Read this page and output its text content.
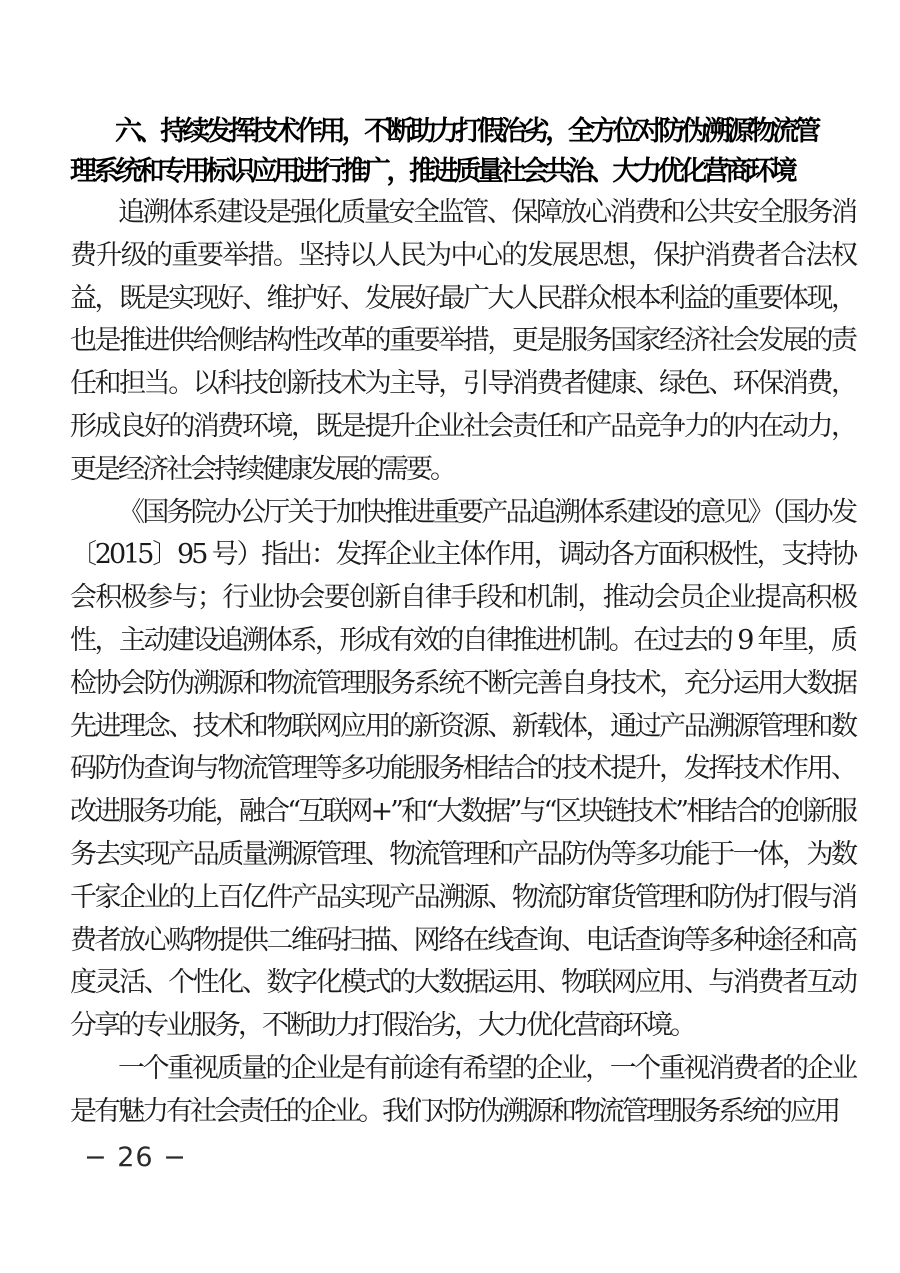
六、持续发挥技术作用，不断助力打假治劣，全方位对防伪溯源物流管理系统和专用标识应用进行推广，推进质量社会共治、大力优化营商环境

追溯体系建设是强化质量安全监管、保障放心消费和公共安全服务消费升级的重要举措。坚持以人民为中心的发展思想，保护消费者合法权益，既是实现好、维护好、发展好最广大人民群众根本利益的重要体现，也是推进供给侧结构性改革的重要举措，更是服务国家经济社会发展的责任和担当。以科技创新技术为主导，引导消费者健康、绿色、环保消费，形成良好的消费环境，既是提升企业社会责任和产品竞争力的内在动力，更是经济社会持续健康发展的需要。

《国务院办公厅关于加快推进重要产品追溯体系建设的意见》（国办发〔2015〕95 号）指出：发挥企业主体作用，调动各方面积极性，支持协会积极参与；行业协会要创新自律手段和机制，推动会员企业提高积极性，主动建设追溯体系，形成有效的自律推进机制。在过去的 9 年里，质检协会防伪溯源和物流管理服务系统不断完善自身技术，充分运用大数据先进理念、技术和物联网应用的新资源、新载体，通过产品溯源管理和数码防伪查询与物流管理等多功能服务相结合的技术提升，发挥技术作用、改进服务功能，融合“互联网+”和“大数据”与“区块链技术”相结合的创新服务去实现产品质量溯源管理、物流管理和产品防伪等多功能于一体，为数千家企业的上百亿件产品实现产品溯源、物流防窜货管理和防伪打假与消费者放心购物提供二维码扫描、网络在线查询、电话查询等多种途径和高度灵活、个性化、数字化模式的大数据运用、物联网应用、与消费者互动分享的专业服务，不断助力打假治劣，大力优化营商环境。

一个重视质量的企业是有前途有希望的企业，一个重视消费者的企业是有魅力有社会责任的企业。我们对防伪溯源和物流管理服务系统的应用

− 26 −
